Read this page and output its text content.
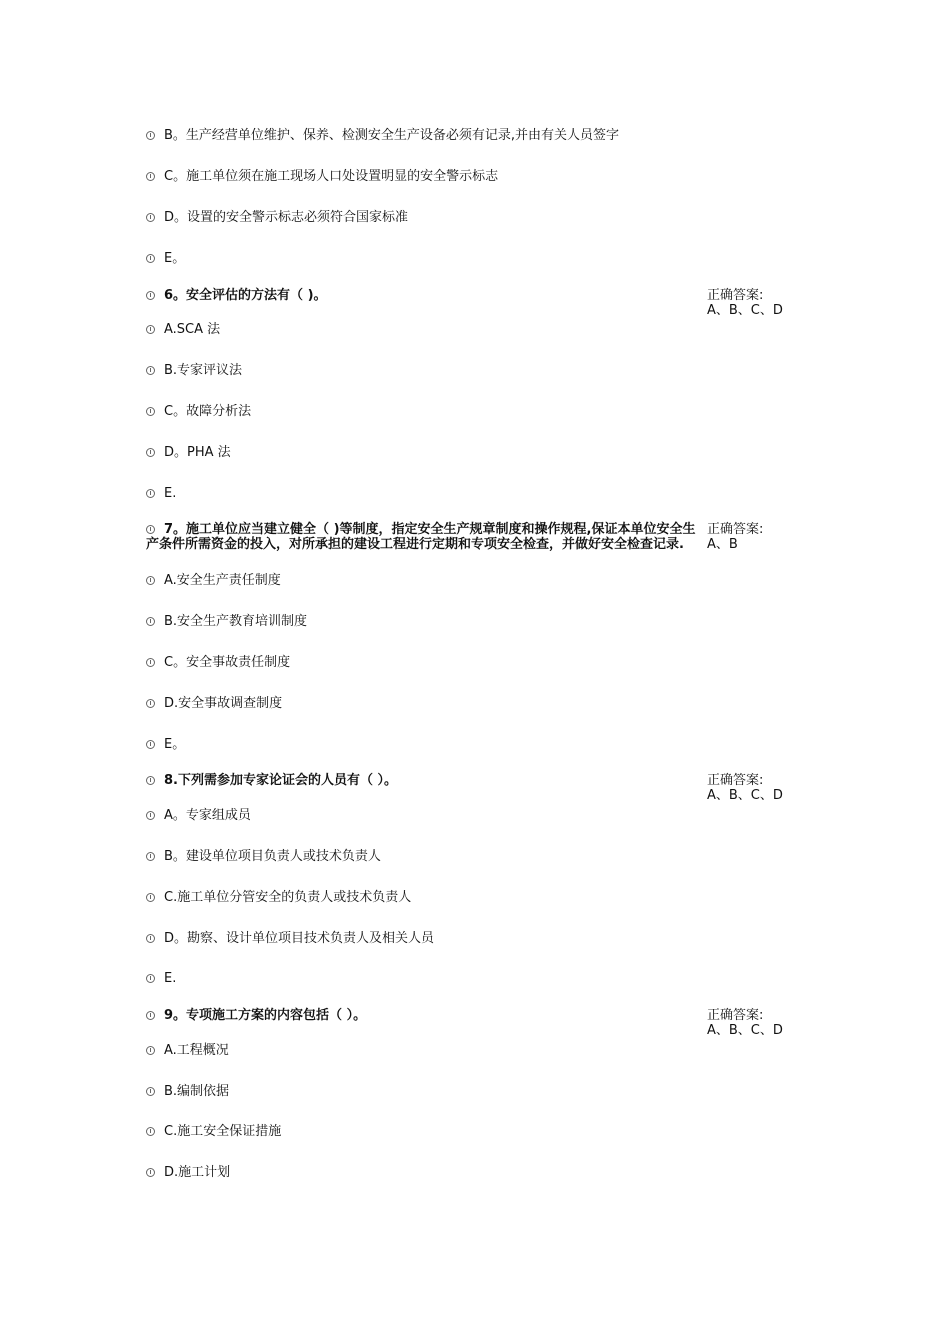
B。生产经营单位维护、保养、检测安全生产设备必须有记录,并由有关人员签字
C。施工单位须在施工现场人口处设置明显的安全警示标志
D。设置的安全警示标志必须符合国家标准
E。
6。安全评估的方法有（ )。	正确答案:
A、B、C、D
A.SCA 法
B.专家评议法
C。故障分析法
D。PHA 法
E.
7。施工单位应当建立健全（ )等制度，指定安全生产规章制度和操作规程,保证本单位安全生产条件所需资金的投入，对所承担的建设工程进行定期和专项安全检查，并做好安全检查记录.
正确答案:
A、B
A.安全生产责任制度
B.安全生产教育培训制度
C。安全事故责任制度
D.安全事故调查制度
E。
8.下列需参加专家论证会的人员有（ ）。	正确答案:
A、B、C、D
A。专家组成员
B。建设单位项目负责人或技术负责人
C.施工单位分管安全的负责人或技术负责人
D。勘察、设计单位项目技术负责人及相关人员
E.
9。专项施工方案的内容包括（ ）。	正确答案:
A、B、C、D
A.工程概况
B.编制依据
C.施工安全保证措施
D.施工计划
